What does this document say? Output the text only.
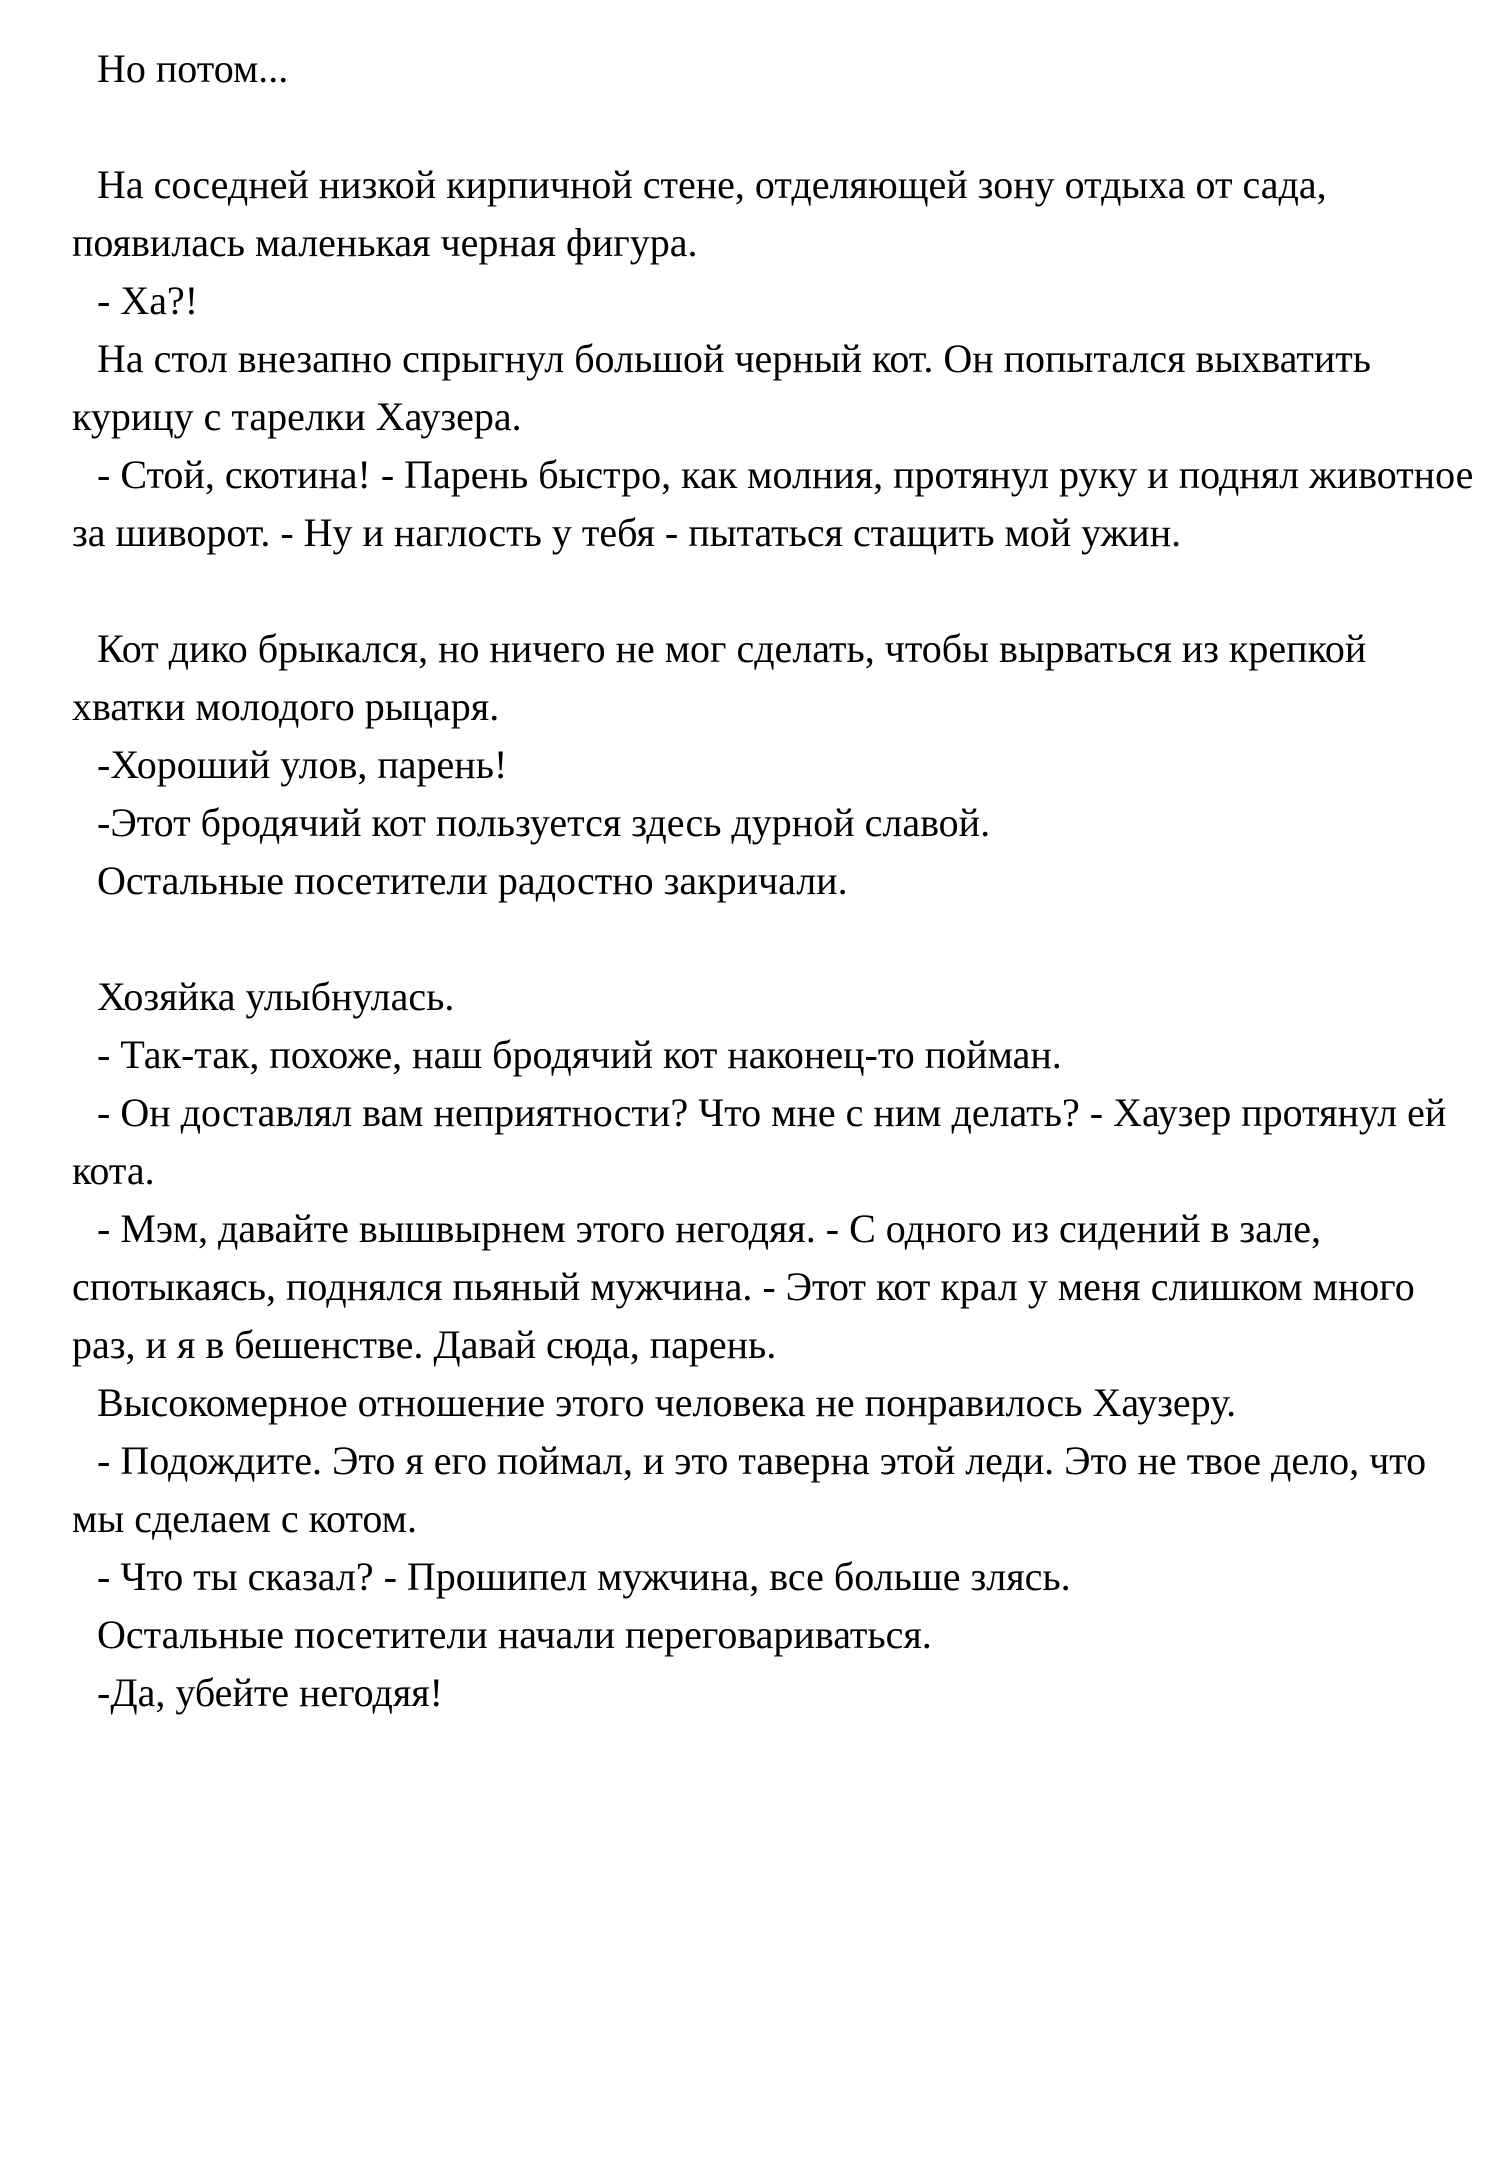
Но потом...

На соседней низкой кирпичной стене, отделяющей зону отдыха от сада, появилась маленькая черная фигура.

- Ха?!

На стол внезапно спрыгнул большой черный кот. Он попытался выхватить курицу с тарелки Хаузера.

- Стой, скотина! - Парень быстро, как молния, протянул руку и поднял животное за шиворот. - Ну и наглость у тебя - пытаться стащить мой ужин.

Кот дико брыкался, но ничего не мог сделать, чтобы вырваться из крепкой хватки молодого рыцаря.

-Хороший улов, парень!

-Этот бродячий кот пользуется здесь дурной славой.

Остальные посетители радостно закричали.

Хозяйка улыбнулась.

- Так-так, похоже, наш бродячий кот наконец-то пойман.

- Он доставлял вам неприятности? Что мне с ним делать? - Хаузер протянул ей кота.

- Мэм, давайте вышвырнем этого негодяя. - С одного из сидений в зале, спотыкаясь, поднялся пьяный мужчина. - Этот кот крал у меня слишком много раз, и я в бешенстве. Давай сюда, парень.

Высокомерное отношение этого человека не понравилось Хаузеру.

- Подождите. Это я его поймал, и это таверна этой леди. Это не твое дело, что мы сделаем с котом.

- Что ты сказал? - Прошипел мужчина, все больше злясь.

Остальные посетители начали переговариваться.

-Да, убейте негодяя!
